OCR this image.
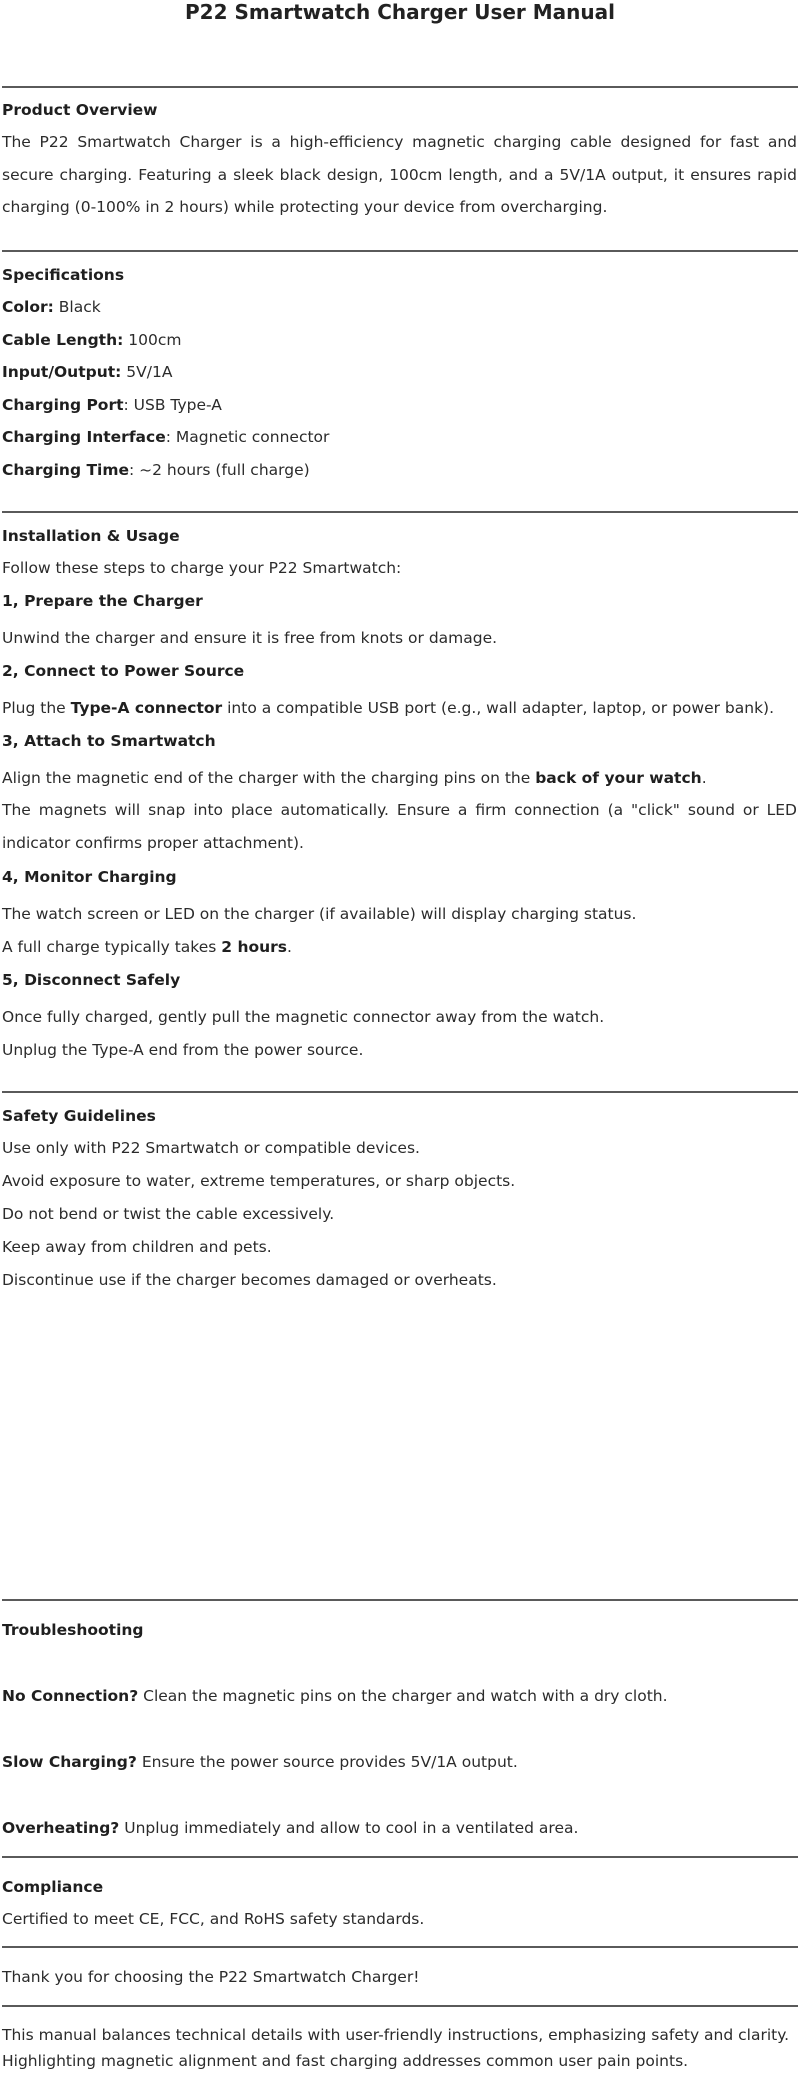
P22 Smartwatch Charger User Manual
Product Overview
The P22 Smartwatch Charger is a high-efficiency magnetic charging cable designed for fast and secure charging. Featuring a sleek black design, 100cm length, and a 5V/1A output, it ensures rapid charging (0-100% in 2 hours) while protecting your device from overcharging.
Specifications
Color: Black
Cable Length: 100cm
Input/Output: 5V/1A
Charging Port: USB Type-A
Charging Interface: Magnetic connector
Charging Time: ~2 hours (full charge)
Installation & Usage
Follow these steps to charge your P22 Smartwatch:
1, Prepare the Charger
Unwind the charger and ensure it is free from knots or damage.
2, Connect to Power Source
Plug the Type-A connector into a compatible USB port (e.g., wall adapter, laptop, or power bank).
3, Attach to Smartwatch
Align the magnetic end of the charger with the charging pins on the back of your watch.
The magnets will snap into place automatically. Ensure a firm connection (a "click" sound or LED indicator confirms proper attachment).
4, Monitor Charging
The watch screen or LED on the charger (if available) will display charging status.
A full charge typically takes 2 hours.
5, Disconnect Safely
Once fully charged, gently pull the magnetic connector away from the watch.
Unplug the Type-A end from the power source.
Safety Guidelines
Use only with P22 Smartwatch or compatible devices.
Avoid exposure to water, extreme temperatures, or sharp objects.
Do not bend or twist the cable excessively.
Keep away from children and pets.
Discontinue use if the charger becomes damaged or overheats.
Troubleshooting
No Connection? Clean the magnetic pins on the charger and watch with a dry cloth.
Slow Charging? Ensure the power source provides 5V/1A output.
Overheating? Unplug immediately and allow to cool in a ventilated area.
Compliance
Certified to meet CE, FCC, and RoHS safety standards.
Thank you for choosing the P22 Smartwatch Charger!
This manual balances technical details with user-friendly instructions, emphasizing safety and clarity.
Highlighting magnetic alignment and fast charging addresses common user pain points.
